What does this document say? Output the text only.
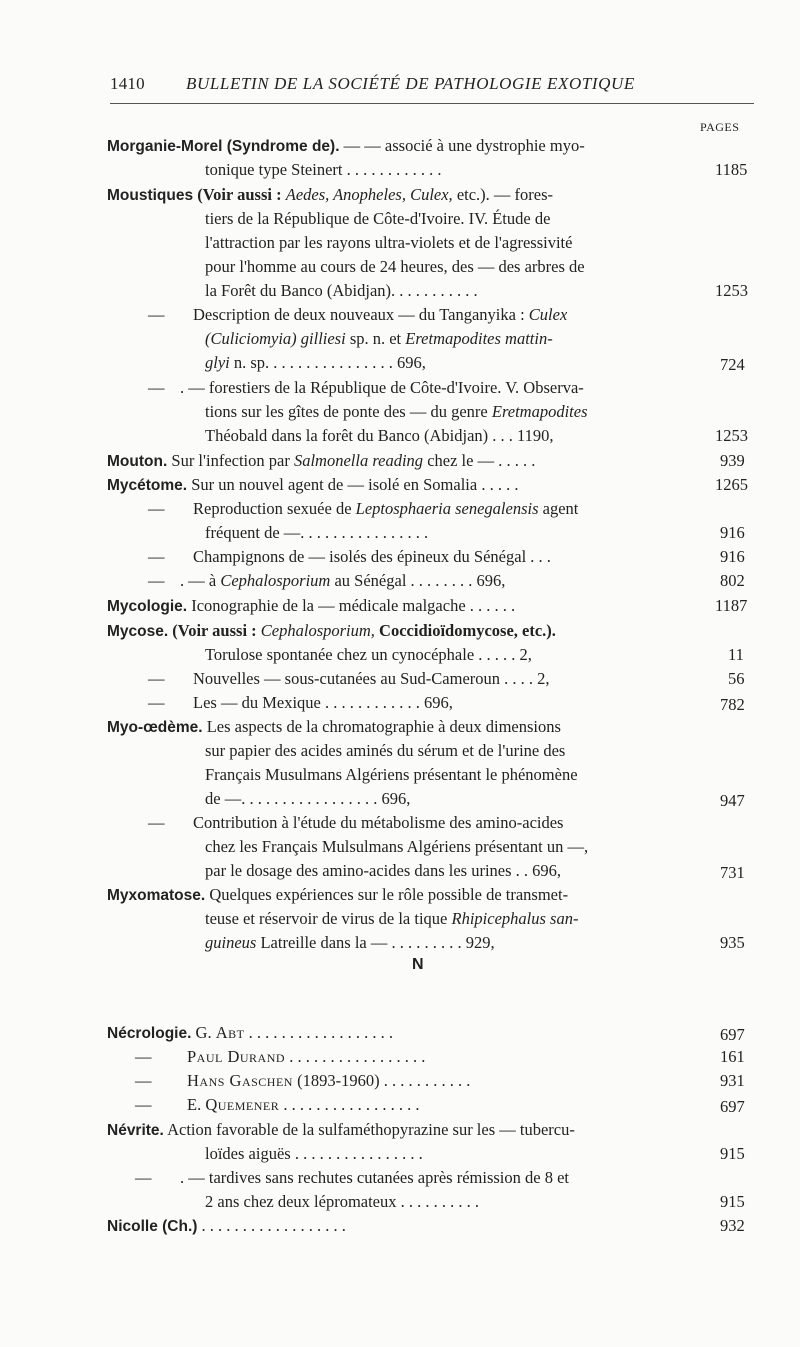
1410 BULLETIN DE LA SOCIÉTÉ DE PATHOLOGIE EXOTIQUE
PAGES
Morganie-Morel (Syndrome de). — — associé à une dystrophie myo-
tonique type Steinert . . . . . . . . . . . .	1185
Moustiques (Voir aussi : Aedes, Anopheles, Culex, etc.). — fores-
tiers de la République de Côte-d'Ivoire. IV. Étude de
l'attraction par les rayons ultra-violets et de l'agressivité
pour l'homme au cours de 24 heures, des — des arbres de
la Forêt du Banco (Abidjan). . . . . . . . . . .	1253
— Description de deux nouveaux — du Tanganyika : Culex
(Culiciomyia) gilliesi sp. n. et Eretmapodites mattin-
glyi n. sp. . . . . . . . . . . . . . . . 696,	724
— . — forestiers de la République de Côte-d'Ivoire. V. Observa-
tions sur les gîtes de ponte des — du genre Eretmapodites
Théobald dans la forêt du Banco (Abidjan) . . . 1190,	1253
Mouton. Sur l'infection par Salmonella reading chez le — . . . . .	939
Mycétome. Sur un nouvel agent de — isolé en Somalia . . . . .	1265
— Reproduction sexuée de Leptosphaeria senegalensis agent
fréquent de —. . . . . . . . . . . . . . . .	916
— Champignons de — isolés des épineux du Sénégal . . .	916
— . — à Cephalosporium au Sénégal . . . . . . . . 696,	802
Mycologie. Iconographie de la — médicale malgache . . . . . .	1187
Mycose. (Voir aussi : Cephalosporium, Coccidioïdomycose, etc.).
Torulose spontanée chez un cynocéphale . . . . . 2,	11
— Nouvelles — sous-cutanées au Sud-Cameroun . . . . 2,	56
— Les — du Mexique . . . . . . . . . . . . 696,	782
Myo-œdème. Les aspects de la chromatographie à deux dimensions
sur papier des acides aminés du sérum et de l'urine des
Français Musulmans Algériens présentant le phénomène
de —. . . . . . . . . . . . . . . . . 696,	947
— Contribution à l'étude du métabolisme des amino-acides
chez les Français Mulsulmans Algériens présentant un —,
par le dosage des amino-acides dans les urines . . 696,	731
Myxomatose. Quelques expériences sur le rôle possible de transmet-
teuse et réservoir de virus de la tique Rhipicephalus san-
guineus Latreille dans la — . . . . . . . . . 929,	935
N
Nécrologie. G. Abt . . . . . . . . . . . . . . . . . .	697
— Paul Durand . . . . . . . . . . . . . . . . .	161
— Hans Gaschen (1893-1960) . . . . . . . . . . .	931
— E. Quemener . . . . . . . . . . . . . . . . .	697
Névrite. Action favorable de la sulfaméthopyrazine sur les — tubercu-
loïdes aiguës . . . . . . . . . . . . . . . .	915
— . — tardives sans rechutes cutanées après rémission de 8 et
2 ans chez deux lépromateux . . . . . . . . . .	915
Nicolle (Ch.) . . . . . . . . . . . . . . . . . .	932
